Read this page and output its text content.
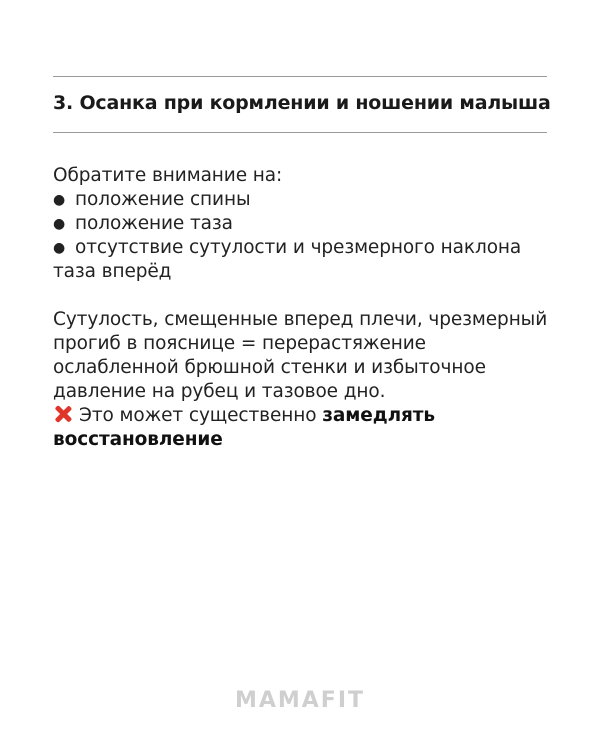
3. Осанка при кормлении и ношении малыша

Обратите внимание на:

● положение спины
● положение таза
● отсутствие сутулости и чрезмерного наклона таза вперёд

Сутулость, смещенные вперед плечи, чрезмерный прогиб в пояснице = перерастяжение ослабленной брюшной стенки и избыточное давление на рубец и тазовое дно.

Это может существенно замедлять восстановление

MAMAFIT
